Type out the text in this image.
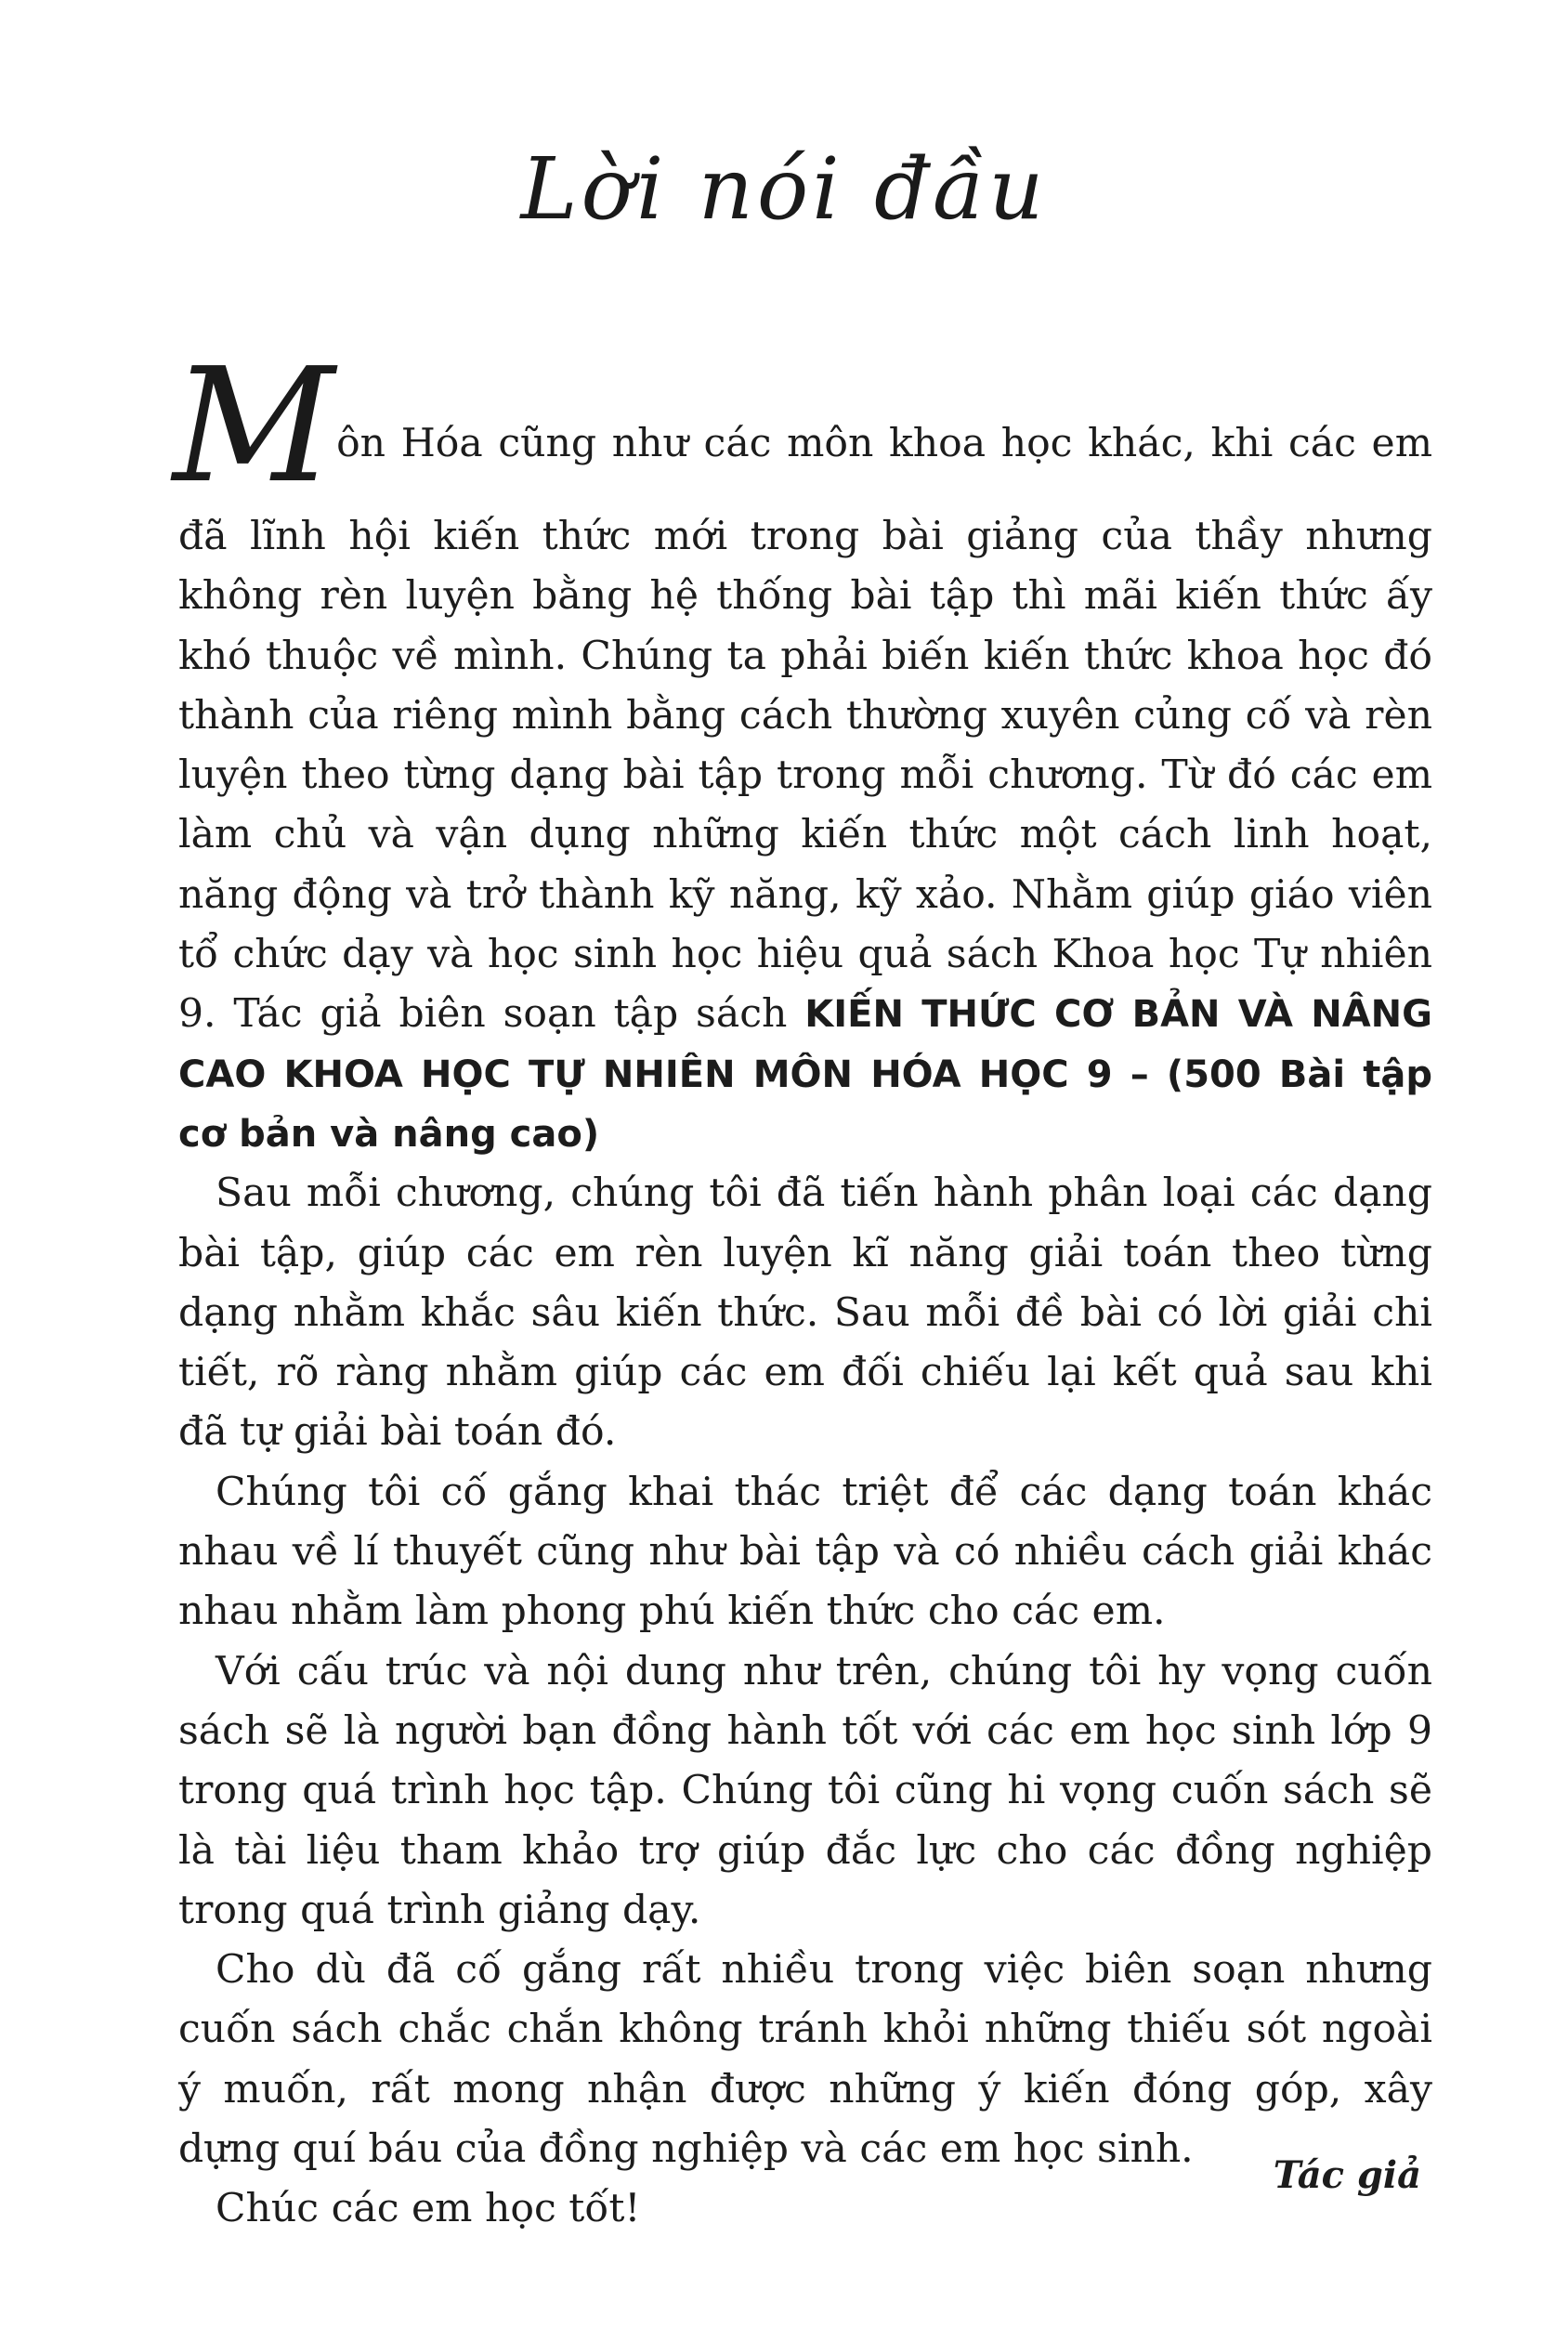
Lời nói đầu
M ôn Hóa cũng như các môn khoa học khác, khi các em

đã lĩnh hội kiến thức mới trong bài giảng của thầy nhưng không rèn luyện bằng hệ thống bài tập thì mãi kiến thức ấy khó thuộc về mình. Chúng ta phải biến kiến thức khoa học đó thành của riêng mình bằng cách thường xuyên củng cố và rèn luyện theo từng dạng bài tập trong mỗi chương. Từ đó các em làm chủ và vận dụng những kiến thức một cách linh hoạt, năng động và trở thành kỹ năng, kỹ xảo. Nhằm giúp giáo viên tổ chức dạy và học sinh học hiệu quả sách Khoa học Tự nhiên 9. Tác giả biên soạn tập sách KIẾN THỨC CƠ BẢN VÀ NÂNG CAO KHOA HỌC TỰ NHIÊN MÔN HÓA HỌC 9 – (500 Bài tập cơ bản và nâng cao)

Sau mỗi chương, chúng tôi đã tiến hành phân loại các dạng bài tập, giúp các em rèn luyện kĩ năng giải toán theo từng dạng nhằm khắc sâu kiến thức. Sau mỗi đề bài có lời giải chi tiết, rõ ràng nhằm giúp các em đối chiếu lại kết quả sau khi đã tự giải bài toán đó.

Chúng tôi cố gắng khai thác triệt để các dạng toán khác nhau về lí thuyết cũng như bài tập và có nhiều cách giải khác nhau nhằm làm phong phú kiến thức cho các em.

Với cấu trúc và nội dung như trên, chúng tôi hy vọng cuốn sách sẽ là người bạn đồng hành tốt với các em học sinh lớp 9 trong quá trình học tập. Chúng tôi cũng hi vọng cuốn sách sẽ là tài liệu tham khảo trợ giúp đắc lực cho các đồng nghiệp trong quá trình giảng dạy.

Cho dù đã cố gắng rất nhiều trong việc biên soạn nhưng cuốn sách chắc chắn không tránh khỏi những thiếu sót ngoài ý muốn, rất mong nhận được những ý kiến đóng góp, xây dựng quí báu của đồng nghiệp và các em học sinh.

Chúc các em học tốt!

Tác giả
